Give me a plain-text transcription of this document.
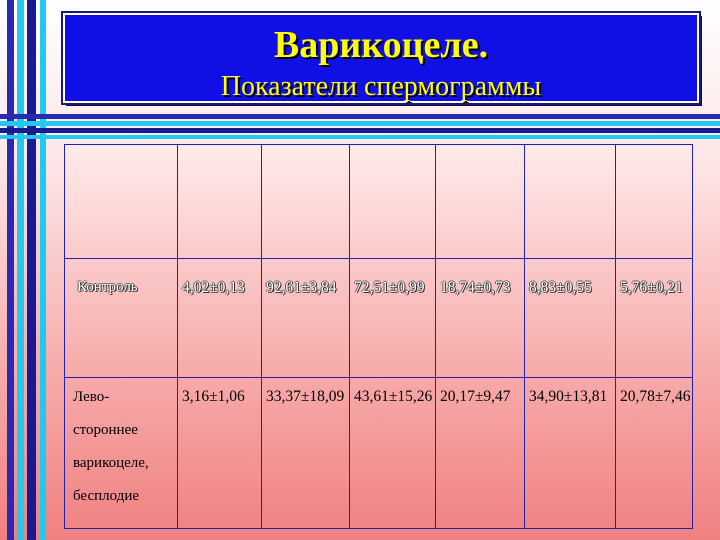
Варикоцеле.
Показатели спермограммы

Контроль	4,02±0,13	92,61±3,84	72,51±0,99	18,74±0,73	8,83±0,55	5,76±0,21

Лево-
стороннее
варикоцеле,
бесплодие	3,16±1,06	33,37±18,09	43,61±15,26	20,17±9,47	34,90±13,81	20,78±7,46
